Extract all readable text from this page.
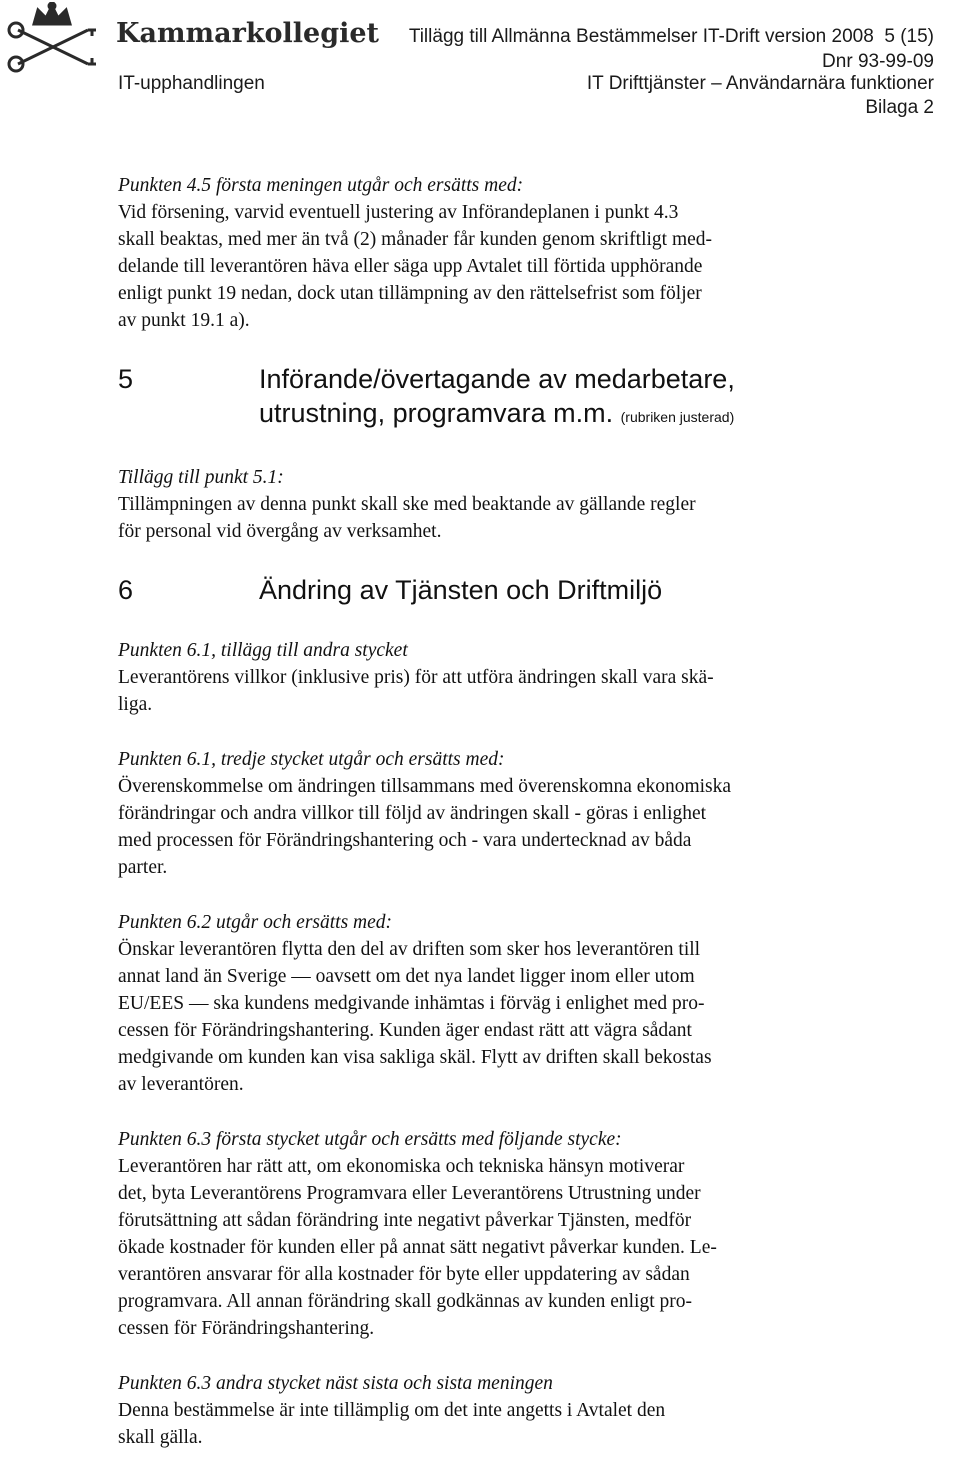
Kammarkollegiet Tillägg till Allmänna Bestämmelser IT-Drift version 2008 5 (15)
Dnr 93-99-09
IT-upphandlingen	IT Drifttjänster – Användarnära funktioner
Bilaga 2

Punkten 4.5 första meningen utgår och ersätts med:

Vid försening, varvid eventuell justering av Införandeplanen i punkt 4.3

skall beaktas, med mer än två (2) månader får kunden genom skriftligt med-

delande till leverantören häva eller säga upp Avtalet till förtida upphörande

enligt punkt 19 nedan, dock utan tillämpning av den rättelsefrist som följer

av punkt 19.1 a).

5	Införande/övertagande av medarbetare,
utrustning, programvara m.m. (rubriken justerad)

Tillägg till punkt 5.1:

Tillämpningen av denna punkt skall ske med beaktande av gällande regler

för personal vid övergång av verksamhet.

6	Ändring av Tjänsten och Driftmiljö

Punkten 6.1, tillägg till andra stycket

Leverantörens villkor (inklusive pris) för att utföra ändringen skall vara skä-

liga.

Punkten 6.1, tredje stycket utgår och ersätts med:

Överenskommelse om ändringen tillsammans med överenskomna ekonomiska

förändringar och andra villkor till följd av ändringen skall - göras i enlighet

med processen för Förändringshantering och - vara undertecknad av båda

parter.

Punkten 6.2 utgår och ersätts med:

Önskar leverantören flytta den del av driften som sker hos leverantören till

annat land än Sverige — oavsett om det nya landet ligger inom eller utom

EU/EES — ska kundens medgivande inhämtas i förväg i enlighet med pro-

cessen för Förändringshantering. Kunden äger endast rätt att vägra sådant

medgivande om kunden kan visa sakliga skäl. Flytt av driften skall bekostas

av leverantören.

Punkten 6.3 första stycket utgår och ersätts med följande stycke:

Leverantören har rätt att, om ekonomiska och tekniska hänsyn motiverar

det, byta Leverantörens Programvara eller Leverantörens Utrustning under

förutsättning att sådan förändring inte negativt påverkar Tjänsten, medför

ökade kostnader för kunden eller på annat sätt negativt påverkar kunden. Le-

verantören ansvarar för alla kostnader för byte eller uppdatering av sådan

programvara. All annan förändring skall godkännas av kunden enligt pro-

cessen för Förändringshantering.

Punkten 6.3 andra stycket näst sista och sista meningen

Denna bestämmelse är inte tillämplig om det inte angetts i Avtalet den

skall gälla.
